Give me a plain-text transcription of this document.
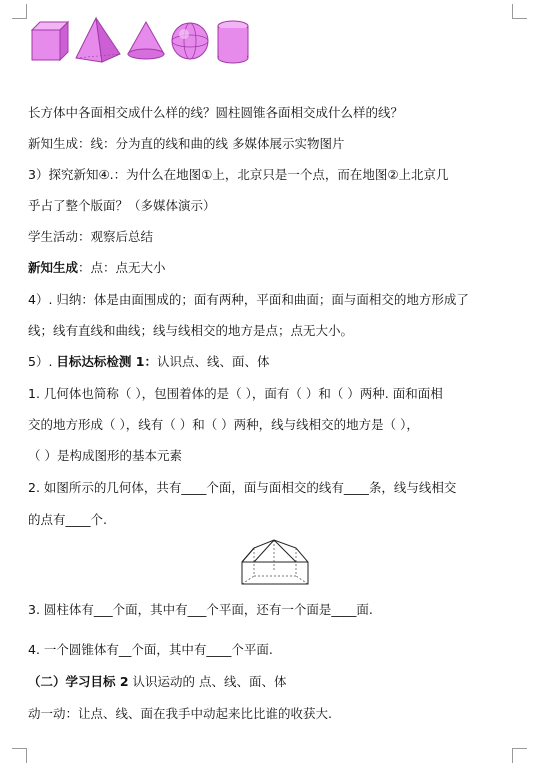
长方体中各面相交成什么样的线？圆柱圆锥各面相交成什么样的线？
新知生成：线：分为直的线和曲的线 多媒体展示实物图片
3）探究新知④.：为什么在地图①上，北京只是一个点，而在地图②上北京几
乎占了整个版面？（多媒体演示）
学生活动：观察后总结
新知生成：点：点无大小
4）. 归纳：体是由面围成的；面有两种，平面和曲面；面与面相交的地方形成了
线；线有直线和曲线；线与线相交的地方是点；点无大小。
5）. 目标达标检测 1：认识点、线、面、体
1. 几何体也简称（ ），包围着体的是（ ），面有（ ）和（ ）两种. 面和面相
交的地方形成（ ），线有（ ）和（ ）两种，线与线相交的地方是（ ），
（ ）是构成图形的基本元素
2. 如图所示的几何体，共有____个面，面与面相交的线有____条，线与线相交
的点有____个.
3. 圆柱体有___个面，其中有___个平面，还有一个面是____面.
4. 一个圆锥体有__个面，其中有____个平面.
（二）学习目标 2 认识运动的 点、线、面、体
动一动：让点、线、面在我手中动起来比比谁的收获大.
